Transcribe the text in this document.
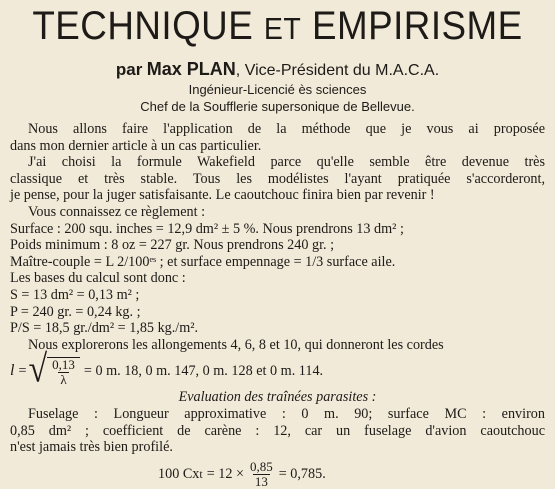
TECHNIQUE ET EMPIRISME
par Max PLAN, Vice-Président du M.A.C.A.
Ingénieur-Licencié ès sciences
Chef de la Soufflerie supersonique de Bellevue.
Nous allons faire l'application de la méthode que je vous ai proposée
dans mon dernier article à un cas particulier.
J'ai choisi la formule Wakefield parce qu'elle semble être devenue très
classique et très stable. Tous les modélistes l'ayant pratiquée s'accorderont,
je pense, pour la juger satisfaisante. Le caoutchouc finira bien par revenir !
Vous connaissez ce règlement :
Surface : 200 squ. inches = 12,9 dm² ± 5 %. Nous prendrons 13 dm² ;
Poids minimum : 8 oz = 227 gr. Nous prendrons 240 gr. ;
Maître-couple = L 2/100ᵉˢ ; et surface empennage = 1/3 surface aile.
Les bases du calcul sont donc :
S = 13 dm² = 0,13 m² ;
P = 240 gr. = 0,24 kg. ;
P/S = 18,5 gr./dm² = 1,85 kg./m².
Nous explorerons les allongements 4, 6, 8 et 10, qui donneront les cordes
l = √ $\frac{0,13}{\lambda} = 0$ m. 18, 0 m. 147, 0 m. 128 et 0 m. 114.
Evaluation des traînées parasites :
Fuselage : Longueur approximative : 0 m. 90; surface MC : environ
0,85 dm² ; coefficient de carène : 12, car un fuselage d'avion caoutchouc
n'est jamais très bien profilé.
100 Cx $t = 12 \times \frac{0,85}{13} = 0,785$.
